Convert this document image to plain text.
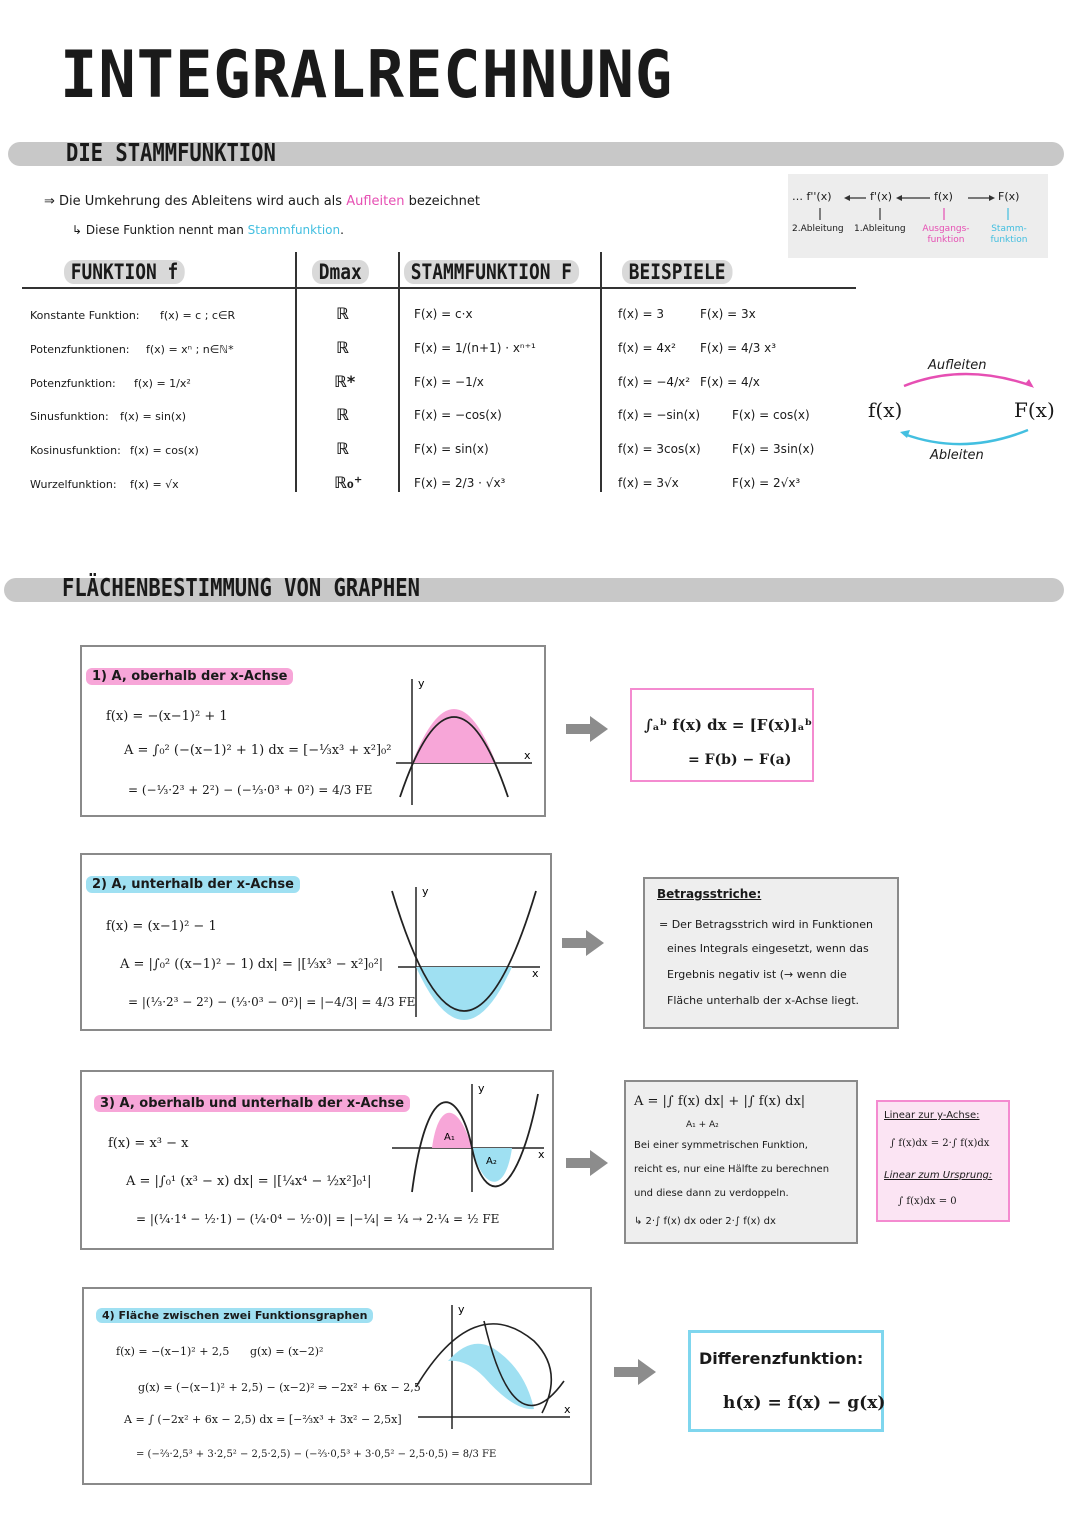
INTEGRALRECHNUNG
DIE STAMMFUNKTION
⇒ Die Umkehrung des Ableitens wird auch als Aufleiten bezeichnet
↳ Diese Funktion nennt man Stammfunktion.
… f''(x)	f'(x)	f(x)	F(x)
2.Ableitung 1.Ableitung	Ausgangs-funktion
Stamm-funktion
FUNKTION f	Dmax	STAMMFUNKTION F	BEISPIELE
Konstante Funktion: f(x) = c ; c∈R	ℝ	F(x) = c·x	f(x) = 3	F(x) = 3x
Potenzfunktionen: f(x) = xⁿ ; n∈ℕ*	ℝ	F(x) = 1/(n+1) · xⁿ⁺¹	f(x) = 4x² F(x) = 4/3 x³
Potenzfunktion: f(x) = 1/x²	ℝ*	F(x) = −1/x	f(x) = −4/x² F(x) = 4/x
Sinusfunktion: f(x) = sin(x)	ℝ	F(x) = −cos(x)	f(x) = −sin(x)	F(x) = cos(x)
Kosinusfunktion: f(x) = cos(x)	ℝ	F(x) = sin(x)	f(x) = 3cos(x)	F(x) = 3sin(x)
Wurzelfunktion: f(x) = √x	ℝ₀⁺	F(x) = 2/3 · √x³	f(x) = 3√x	F(x) = 2√x³
f(x)	F(x)
Aufleiten
Ableiten
FLÄCHENBESTIMMUNG VON GRAPHEN
1) A, oberhalb der x-Achse
f(x) = −(x−1)² + 1
A = ∫₀² (−(x−1)² + 1) dx = [−⅓x³ + x²]₀²
= (−⅓·2³ + 2²) − (−⅓·0³ + 0²) = 4/3 FE
y
x
∫ₐᵇ f(x) dx = [F(x)]ₐᵇ
= F(b) − F(a)
2) A, unterhalb der x-Achse
f(x) = (x−1)² − 1
A = |∫₀² ((x−1)² − 1) dx| = |[⅓x³ − x²]₀²|
= |(⅓·2³ − 2²) − (⅓·0³ − 0²)| = |−4/3| = 4/3 FE
y
x
Betragsstriche:
= Der Betragsstrich wird in Funktionen
eines Integrals eingesetzt, wenn das
Ergebnis negativ ist (→ wenn die
Fläche unterhalb der x-Achse liegt.
3) A, oberhalb und unterhalb der x-Achse
f(x) = x³ − x
A = |∫₀¹ (x³ − x) dx| = |[¼x⁴ − ½x²]₀¹|
= |(¼·1⁴ − ½·1) − (¼·0⁴ − ½·0)| = |−¼| = ¼ → 2·¼ = ½ FE
A₁
A₂
y
x
A = |∫ f(x) dx| + |∫ f(x) dx|
A₁ + A₂
Bei einer symmetrischen Funktion,
reicht es, nur eine Hälfte zu berechnen
und diese dann zu verdoppeln.
↳ 2·∫ f(x) dx oder 2·∫ f(x) dx
Linear zur y-Achse:
∫ f(x)dx = 2·∫ f(x)dx
Linear zum Ursprung:
∫ f(x)dx = 0
4) Fläche zwischen zwei Funktionsgraphen
f(x) = −(x−1)² + 2,5 g(x) = (x−2)²
g(x) = (−(x−1)² + 2,5) − (x−2)² ⇒ −2x² + 6x − 2,5
A = ∫ (−2x² + 6x − 2,5) dx = [−⅔x³ + 3x² − 2,5x]
= (−⅔·2,5³ + 3·2,5² − 2,5·2,5) − (−⅔·0,5³ + 3·0,5² − 2,5·0,5) = 8/3 FE
y
x
Differenzfunktion:
h(x) = f(x) − g(x)
